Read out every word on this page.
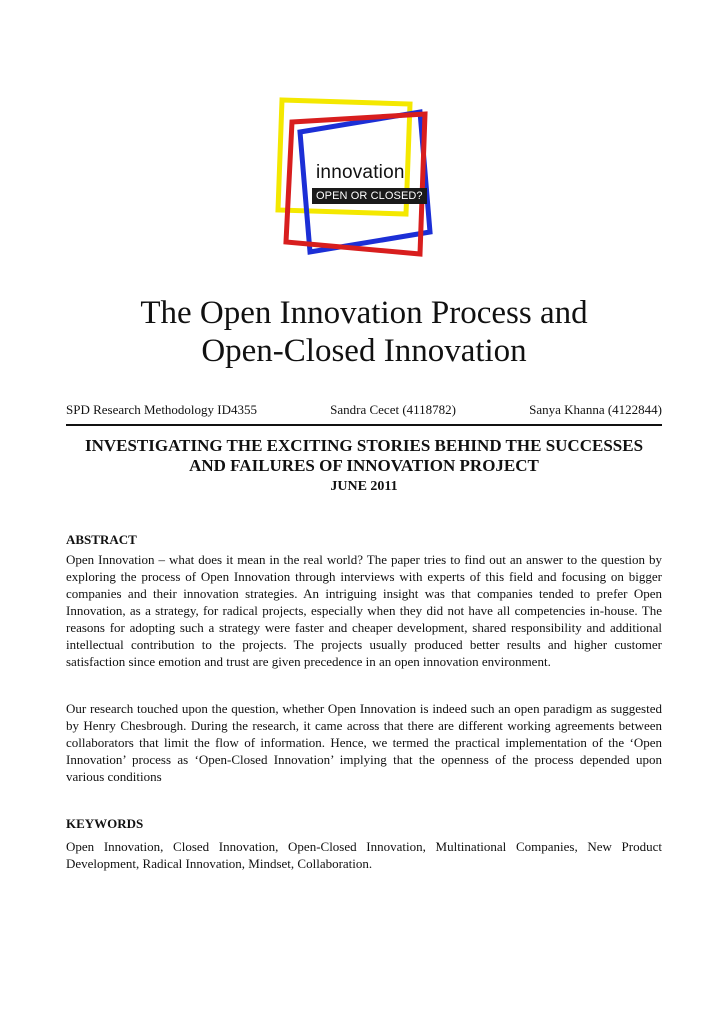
innovation
OPEN OR CLOSED?
The Open Innovation Process and
Open-Closed Innovation
SPD Research Methodology ID4355	Sandra Cecet (4118782)	Sanya Khanna (4122844)
INVESTIGATING THE EXCITING STORIES BEHIND THE SUCCESSES
AND FAILURES OF INNOVATION PROJECT
JUNE 2011
ABSTRACT

Open Innovation – what does it mean in the real world? The paper tries to find out an answer to the question by exploring the process of Open Innovation through interviews with experts of this field and focusing on bigger companies and their innovation strategies. An intriguing insight was that companies tended to prefer Open Innovation, as a strategy, for radical projects, especially when they did not have all competencies in-house. The reasons for adopting such a strategy were faster and cheaper development, shared responsibility and additional intellectual contribution to the projects. The projects usually produced better results and higher customer satisfaction since emotion and trust are given precedence in an open innovation environment.

Our research touched upon the question, whether Open Innovation is indeed such an open paradigm as suggested by Henry Chesbrough. During the research, it came across that there are different working agreements between collaborators that limit the flow of information. Hence, we termed the practical implementation of the ‘Open Innovation’ process as ‘Open-Closed Innovation’ implying that the openness of the process depended upon various conditions

KEYWORDS

Open Innovation, Closed Innovation, Open-Closed Innovation, Multinational Companies, New Product Development, Radical Innovation, Mindset, Collaboration.
